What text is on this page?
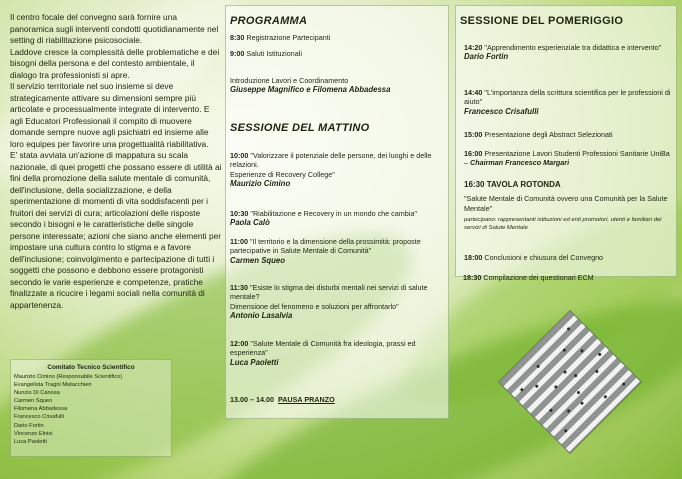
Il centro focale del convegno sarà fornire una panoramica sugli interventi condotti quotidianamente nel setting di riabilitazione psicosociale.

Laddove cresce la complessità delle problematiche e dei bisogni della persona e del contesto ambientale, il dialogo tra professionisti si apre.

Il servizio territoriale nel suo insieme si deve strategicamente attivare su dimensioni sempre più articolate e processualmente integrate di intervento. E agli Educatori Professionali il compito di muovere domande sempre nuove agli psichiatri ed insieme alle loro equipes per favorire una progettualità riabilitativa.

E' stata avviata un'azione di mappatura su scala nazionale, di quei progetti che possano essere di utilità ai fini della promozione della salute mentale di comunità, dell'inclusione, della socializzazione, e della sperimentazione di momenti di vita soddisfacenti per i fruitori dei servizi di cura; articolazioni delle risposte secondo i bisogni e le caratteristiche delle singole persone interessate; azioni che siano anche elementi per impostare una cultura contro lo stigma e a favore dell'inclusione; coinvolgimento e partecipazione di tutti i soggetti che possono e debbono essere protagonisti secondo le varie esperienze e competenze, pratiche finalizzate a ricucire i legami sociali nella comunità di appartenenza.

Comitato Tecnico Scientifico
Maurizio Cimino (Responsabile Scientifico)
Evangelista Tragni Matacchieri
Nunzio Di Canosa
Carmen Squeo
Filomena Abbadessa
Francesco Crisafulli
Dario Fortin
Vincenzo Elnisi
Luca Paoletti
PROGRAMMA
8:30 Registrazione Partecipanti
9:00 Saluti Istituzionali
Introduzione Lavori e Coordinamento
Giuseppe Magnifico e Filomena Abbadessa
SESSIONE DEL MATTINO
10:00 "Valorizzare il potenziale delle persone, dei luoghi e delle relazioni.
Esperienze di Recovery College"
Maurizio Cimino
10:30 "Riabilitazione e Recovery in un mondo che cambia"
Paola Calò
11:00 "Il territorio e la dimensione della prossimità: proposte partecipative in Salute Mentale di Comunità"
Carmen Squeo
11:30 "Esiste lo stigma dei disturbi mentali nei servizi di salute mentale?
Dimensione del fenomeno e soluzioni per affrontarlo"
Antonio Lasalvia
12:00 "Salute Mentale di Comunità fra ideologia, prassi ed esperienza"
Luca Paoletti
13.00 – 14.00 PAUSA PRANZO
SESSIONE DEL POMERIGGIO
14:20 "Apprendimento esperienziale tra didattica e intervento"
Dario Fortin
14:40 "L'importanza della scrittura scientifica per le professioni di aiuto"
Francesco Crisafulli
15:00 Presentazione degli Abstract Selezionati
16:00 Presentazione Lavori Studenti Professioni Sanitarie UniBa – Chairman Francesco Margari
16:30 TAVOLA ROTONDA
"Salute Mentale di Comunità ovvero una Comunità per la Salute Mentale"
partecipano: rappresentanti istituzioni ed enti promotori, utenti e familiari dei servizi di Salute Mentale
18:00 Conclusioni e chiusura del Convegno
18:30 Compilazione dei questionari ECM
